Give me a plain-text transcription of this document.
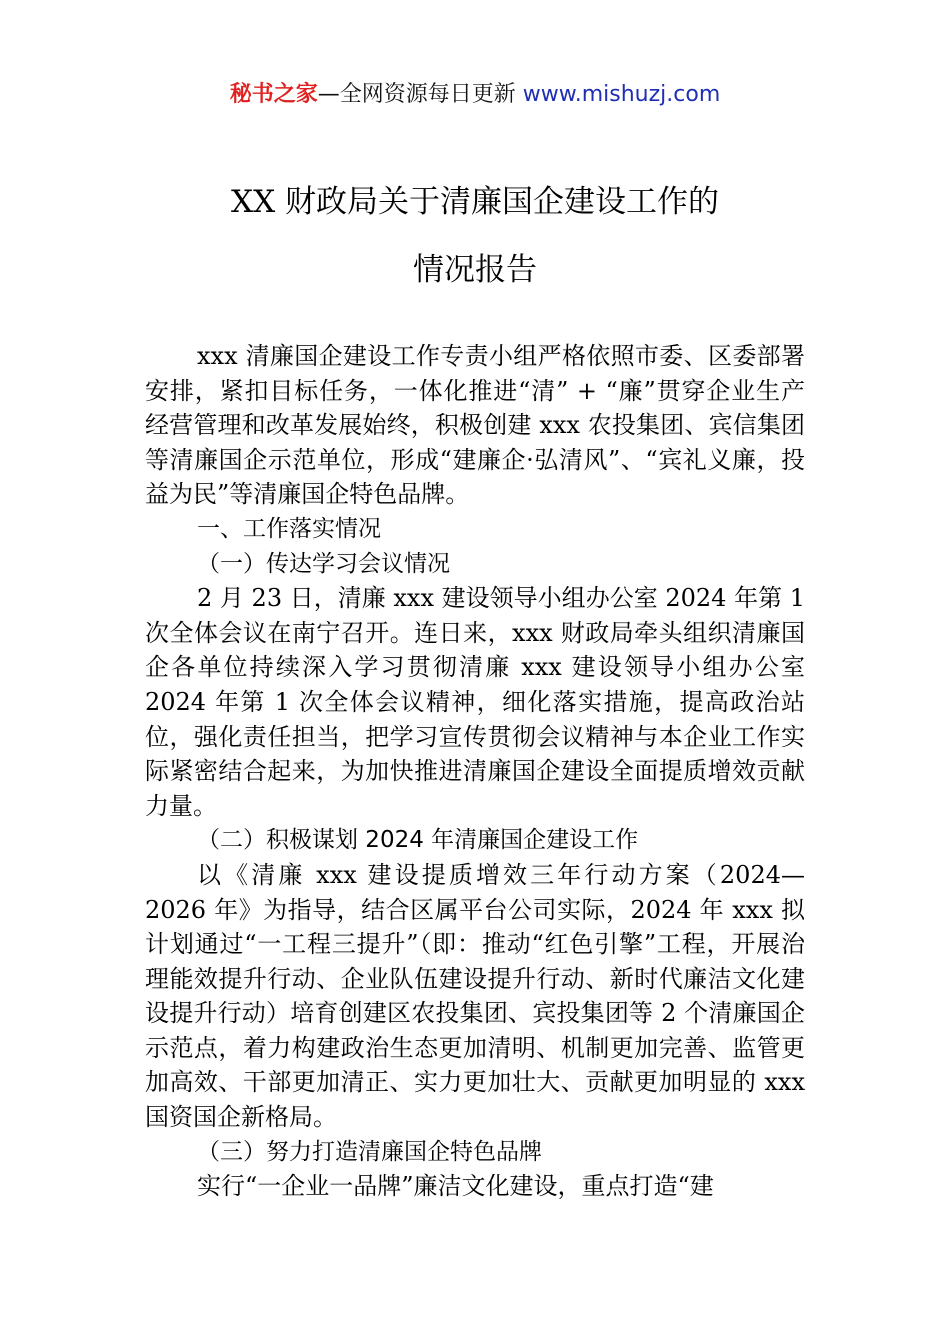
秘书之家—全网资源每日更新 www.mishuzj.com
XX 财政局关于清廉国企建设工作的
情况报告

xxx 清廉国企建设工作专责小组严格依照市委、区委部署安排，紧扣目标任务，一体化推进“清” + “廉”贯穿企业生产经营管理和改革发展始终，积极创建 xxx 农投集团、宾信集团等清廉国企示范单位，形成“建廉企·弘清风”、“宾礼义廉，投益为民”等清廉国企特色品牌。

一、工作落实情况

（一）传达学习会议情况

2 月 23 日，清廉 xxx 建设领导小组办公室 2024 年第 1 次全体会议在南宁召开。连日来，xxx 财政局牵头组织清廉国企各单位持续深入学习贯彻清廉 xxx 建设领导小组办公室 2024 年第 1 次全体会议精神，细化落实措施，提高政治站位，强化责任担当，把学习宣传贯彻会议精神与本企业工作实际紧密结合起来，为加快推进清廉国企建设全面提质增效贡献力量。

（二）积极谋划 2024 年清廉国企建设工作

以《清廉 xxx 建设提质增效三年行动方案（2024—2026 年》为指导，结合区属平台公司实际，2024 年 xxx 拟计划通过“一工程三提升”（即：推动“红色引擎”工程，开展治理能效提升行动、企业队伍建设提升行动、新时代廉洁文化建设提升行动）培育创建区农投集团、宾投集团等 2 个清廉国企示范点，着力构建政治生态更加清明、机制更加完善、监管更加高效、干部更加清正、实力更加壮大、贡献更加明显的 xxx 国资国企新格局。

（三）努力打造清廉国企特色品牌

实行“一企业一品牌”廉洁文化建设，重点打造“建
